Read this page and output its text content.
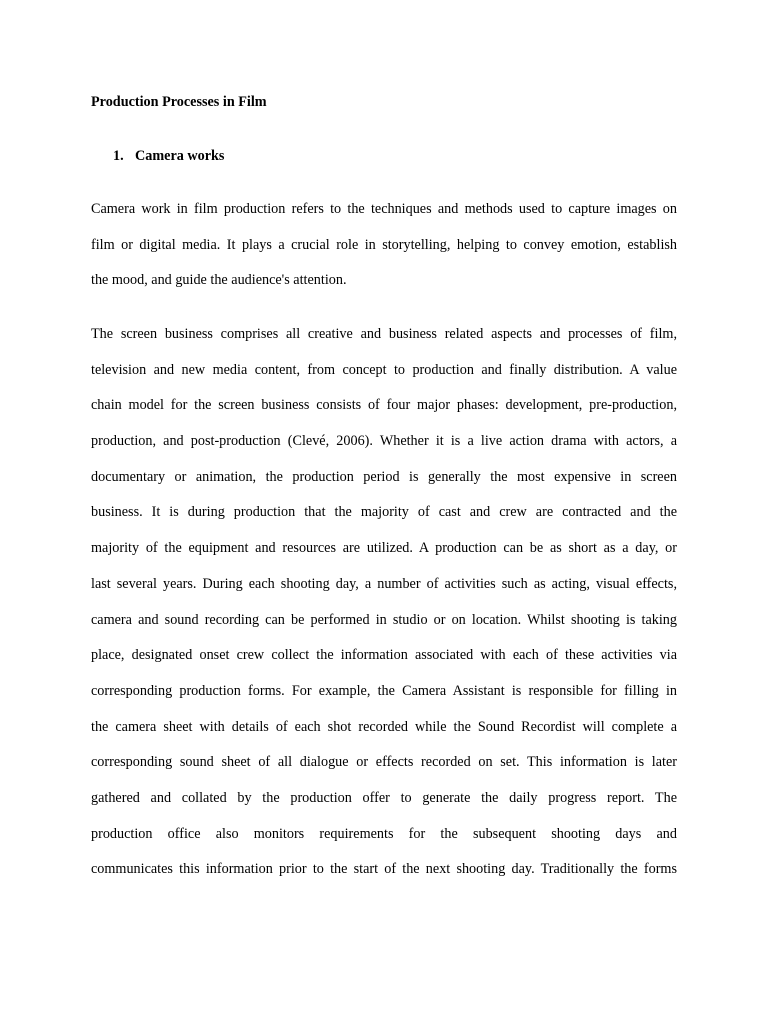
Production Processes in Film
1. Camera works
Camera work in film production refers to the techniques and methods used to capture images on
film or digital media. It plays a crucial role in storytelling, helping to convey emotion, establish
the mood, and guide the audience's attention.
The screen business comprises all creative and business related aspects and processes of film,
television and new media content, from concept to production and finally distribution. A value
chain model for the screen business consists of four major phases: development, pre-production,
production, and post-production (Clevé, 2006). Whether it is a live action drama with actors, a
documentary or animation, the production period is generally the most expensive in screen
business. It is during production that the majority of cast and crew are contracted and the
majority of the equipment and resources are utilized. A production can be as short as a day, or
last several years. During each shooting day, a number of activities such as acting, visual effects,
camera and sound recording can be performed in studio or on location. Whilst shooting is taking
place, designated onset crew collect the information associated with each of these activities via
corresponding production forms. For example, the Camera Assistant is responsible for filling in
the camera sheet with details of each shot recorded while the Sound Recordist will complete a
corresponding sound sheet of all dialogue or effects recorded on set. This information is later
gathered and collated by the production offer to generate the daily progress report. The
production office also monitors requirements for the subsequent shooting days and
communicates this information prior to the start of the next shooting day. Traditionally the forms
